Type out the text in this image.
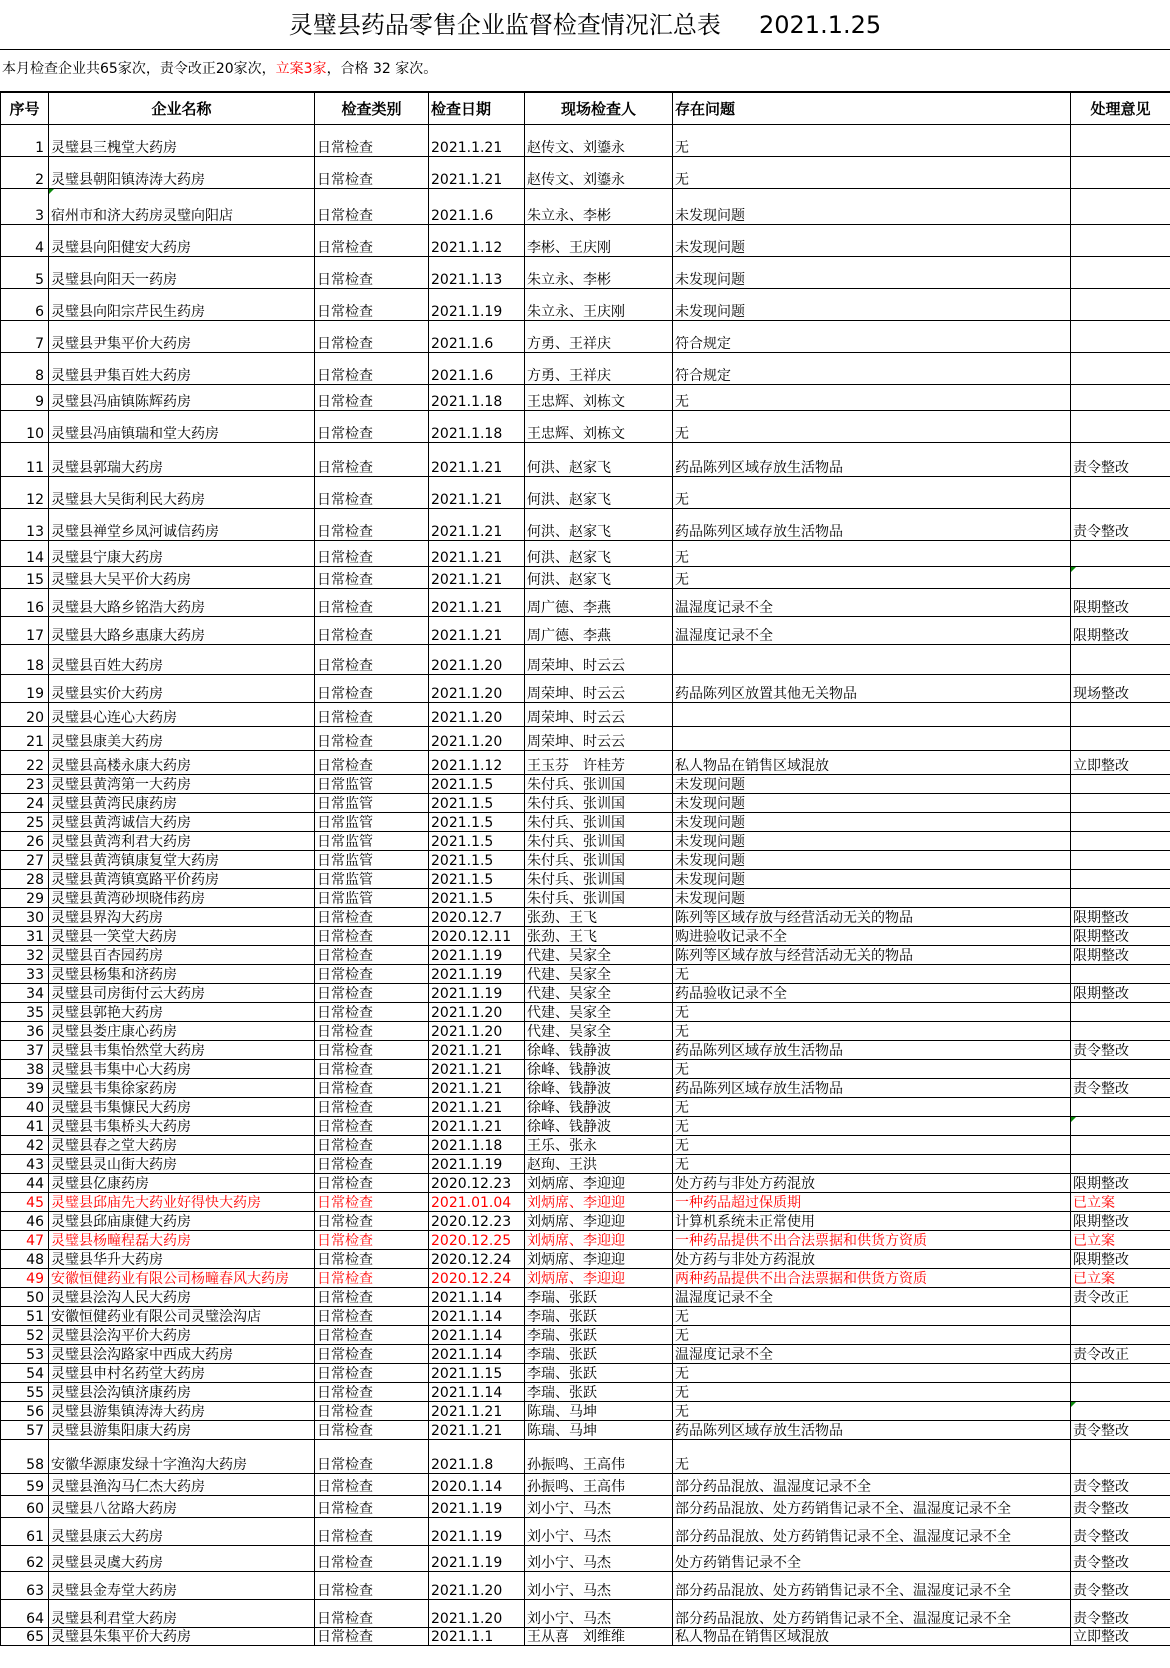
灵璧县药品零售企业监督检查情况汇总表     2021.1.25
本月检查企业共65家次，责令改正20家次，立案3家，合格 32 家次。
序号	企业名称	检查类别	检查日期	现场检查人	存在问题	处理意见
1	灵璧县三槐堂大药房	日常检查	2021.1.21	赵传文、刘鎏永	无	
2	灵璧县朝阳镇涛涛大药房	日常检查	2021.1.21	赵传文、刘鎏永	无	
3	宿州市和济大药房灵璧向阳店	日常检查	2021.1.6	朱立永、李彬	未发现问题	
4	灵璧县向阳健安大药房	日常检查	2021.1.12	李彬、王庆刚	未发现问题	
5	灵璧县向阳天一药房	日常检查	2021.1.13	朱立永、李彬	未发现问题	
6	灵璧县向阳宗芹民生药房	日常检查	2021.1.19	朱立永、王庆刚	未发现问题	
7	灵璧县尹集平价大药房	日常检查	2021.1.6	方勇、王祥庆	符合规定	
8	灵璧县尹集百姓大药房	日常检查	2021.1.6	方勇、王祥庆	符合规定	
9	灵璧县冯庙镇陈辉药房	日常检查	2021.1.18	王忠辉、刘栋文	无	
10	灵璧县冯庙镇瑞和堂大药房	日常检查	2021.1.18	王忠辉、刘栋文	无	
11	灵璧县郭瑞大药房	日常检查	2021.1.21	何洪、赵家飞	药品陈列区域存放生活物品	责令整改
12	灵璧县大吴街利民大药房	日常检查	2021.1.21	何洪、赵家飞	无	
13	灵璧县禅堂乡凤河诚信药房	日常检查	2021.1.21	何洪、赵家飞	药品陈列区域存放生活物品	责令整改
14	灵璧县宁康大药房	日常检查	2021.1.21	何洪、赵家飞	无	
15	灵璧县大吴平价大药房	日常检查	2021.1.21	何洪、赵家飞	无	

16	灵璧县大路乡铭浩大药房	日常检查	2021.1.21	周广德、李燕	温湿度记录不全	限期整改
17	灵璧县大路乡惠康大药房	日常检查	2021.1.21	周广德、李燕	温湿度记录不全	限期整改
18	灵璧县百姓大药房	日常检查	2021.1.20	周荣坤、时云云		
19	灵璧县实价大药房	日常检查	2021.1.20	周荣坤、时云云	药品陈列区放置其他无关物品	现场整改
20	灵璧县心连心大药房	日常检查	2021.1.20	周荣坤、时云云		
21	灵璧县康美大药房	日常检查	2021.1.20	周荣坤、时云云		
22	灵璧县高楼永康大药房	日常检查	2021.1.12	王玉芬　许桂芳	私人物品在销售区域混放	立即整改
23	灵璧县黄湾第一大药房	日常监管	2021.1.5	朱付兵、张训国	未发现问题	
24	灵璧县黄湾民康药房	日常监管	2021.1.5	朱付兵、张训国	未发现问题	
25	灵璧县黄湾诚信大药房	日常监管	2021.1.5	朱付兵、张训国	未发现问题	
26	灵璧县黄湾利君大药房	日常监管	2021.1.5	朱付兵、张训国	未发现问题	
27	灵璧县黄湾镇康复堂大药房	日常监管	2021.1.5	朱付兵、张训国	未发现问题	
28	灵璧县黄湾镇寞路平价药房	日常监管	2021.1.5	朱付兵、张训国	未发现问题	
29	灵璧县黄湾砂坝晓伟药房	日常监管	2021.1.5	朱付兵、张训国	未发现问题	
30	灵璧县界沟大药房	日常检查	2020.12.7	张劲、王飞	陈列等区域存放与经营活动无关的物品	限期整改
31	灵璧县一笑堂大药房	日常检查	2020.12.11	张劲、王飞	购进验收记录不全	限期整改
32	灵璧县百杏园药房	日常检查	2021.1.19	代建、吴家全	陈列等区域存放与经营活动无关的物品	限期整改
33	灵璧县杨集和济药房	日常检查	2021.1.19	代建、吴家全	无	
34	灵璧县司房街付云大药房	日常检查	2021.1.19	代建、吴家全	药品验收记录不全	限期整改
35	灵璧县郭艳大药房	日常检查	2021.1.20	代建、吴家全	无	
36	灵璧县娄庄康心药房	日常检查	2021.1.20	代建、吴家全	无	
37	灵璧县韦集怡然堂大药房	日常检查	2021.1.21	徐峰、钱静波	药品陈列区域存放生活物品	责令整改
38	灵璧县韦集中心大药房	日常检查	2021.1.21	徐峰、钱静波	无	
39	灵璧县韦集徐家药房	日常检查	2021.1.21	徐峰、钱静波	药品陈列区域存放生活物品	责令整改
40	灵璧县韦集慷民大药房	日常检查	2021.1.21	徐峰、钱静波	无	
41	灵璧县韦集桥头大药房	日常检查	2021.1.21	徐峰、钱静波	无	

42	灵璧县春之堂大药房	日常检查	2021.1.18	王乐、张永	无	
43	灵璧县灵山街大药房	日常检查	2021.1.19	赵珣、王洪	无	
44	灵璧县亿康药房	日常检查	2020.12.23	刘炳席、李迎迎	处方药与非处方药混放	限期整改
45	灵璧县邱庙先大药业好得快大药房	日常检查	2021.01.04	刘炳席、李迎迎	一种药品超过保质期	已立案
46	灵璧县邱庙康健大药房	日常检查	2020.12.23	刘炳席、李迎迎	计算机系统未正常使用	限期整改
47	灵璧县杨疃程磊大药房	日常检查	2020.12.25	刘炳席、李迎迎	一种药品提供不出合法票据和供货方资质	已立案
48	灵璧县华升大药房	日常检查	2020.12.24	刘炳席、李迎迎	处方药与非处方药混放	限期整改
49	安徽恒健药业有限公司杨疃春风大药房	日常检查	2020.12.24	刘炳席、李迎迎	两种药品提供不出合法票据和供货方资质	已立案
50	灵璧县浍沟人民大药房	日常检查	2021.1.14	李瑞、张跃	温湿度记录不全	责令改正
51	安徽恒健药业有限公司灵璧浍沟店	日常检查	2021.1.14	李瑞、张跃	无	
52	灵璧县浍沟平价大药房	日常检查	2021.1.14	李瑞、张跃	无	
53	灵璧县浍沟路家中西成大药房	日常检查	2021.1.14	李瑞、张跃	温湿度记录不全	责令改正
54	灵璧县申村名药堂大药房	日常检查	2021.1.15	李瑞、张跃	无	
55	灵璧县浍沟镇济康药房	日常检查	2021.1.14	李瑞、张跃	无	
56	灵璧县游集镇涛涛大药房	日常检查	2021.1.21	陈瑞、马坤	无	

57	灵璧县游集阳康大药房	日常检查	2021.1.21	陈瑞、马坤	药品陈列区域存放生活物品	责令整改
58	安徽华源康发绿十字渔沟大药房	日常检查	2021.1.8	孙振鸣、王高伟	无	
59	灵璧县渔沟马仁杰大药房	日常检查	2020.1.14	孙振鸣、王高伟	部分药品混放、温湿度记录不全	责令整改
60	灵璧县八岔路大药房	日常检查	2021.1.19	刘小宁、马杰	部分药品混放、处方药销售记录不全、温湿度记录不全	责令整改
61	灵璧县康云大药房	日常检查	2021.1.19	刘小宁、马杰	部分药品混放、处方药销售记录不全、温湿度记录不全	责令整改
62	灵璧县灵虞大药房	日常检查	2021.1.19	刘小宁、马杰	处方药销售记录不全	责令整改
63	灵璧县金寿堂大药房	日常检查	2021.1.20	刘小宁、马杰	部分药品混放、处方药销售记录不全、温湿度记录不全	责令整改
64	灵璧县利君堂大药房	日常检查	2021.1.20	刘小宁、马杰	部分药品混放、处方药销售记录不全、温湿度记录不全	责令整改
65	灵璧县朱集平价大药房	日常检查	2021.1.1	王从喜　刘维维	私人物品在销售区域混放	立即整改
